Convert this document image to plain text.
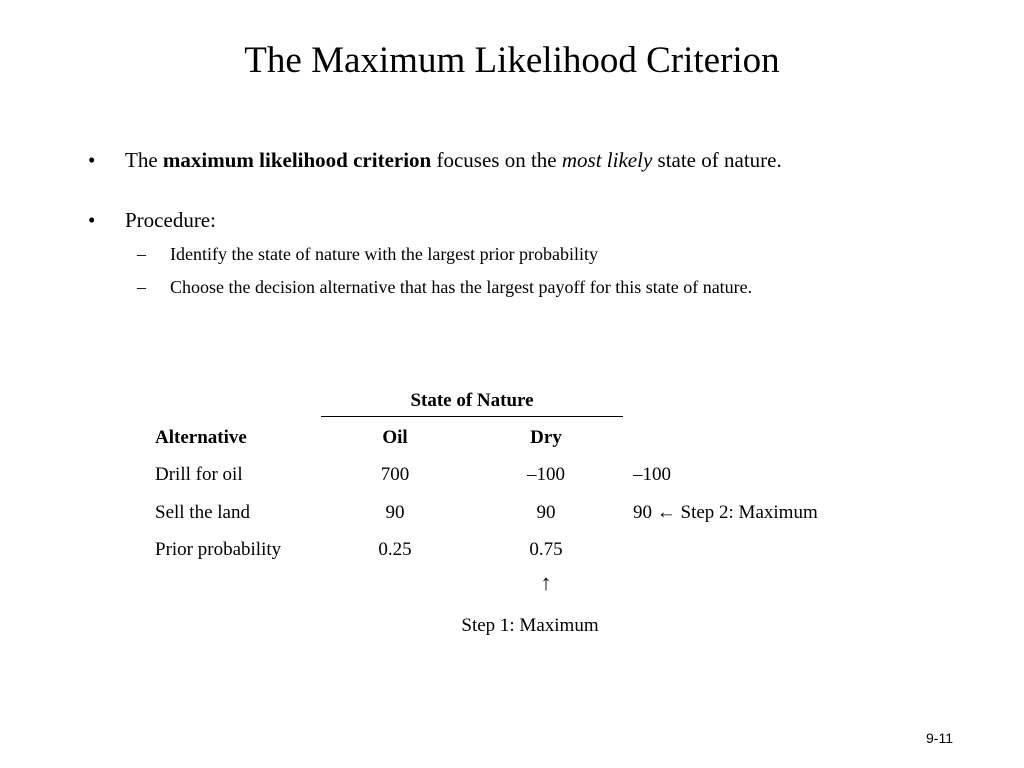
The Maximum Likelihood Criterion
• The maximum likelihood criterion focuses on the most likely state of nature.
• Procedure:
– Identify the state of nature with the largest prior probability
– Choose the decision alternative that has the largest payoff for this state of nature.
State of Nature
Alternative	Oil	Dry
Drill for oil	700	–100	–100
Sell the land	90	90	90 ← Step 2: Maximum
Prior probability	0.25	0.75
↑
Step 1: Maximum
9-11
